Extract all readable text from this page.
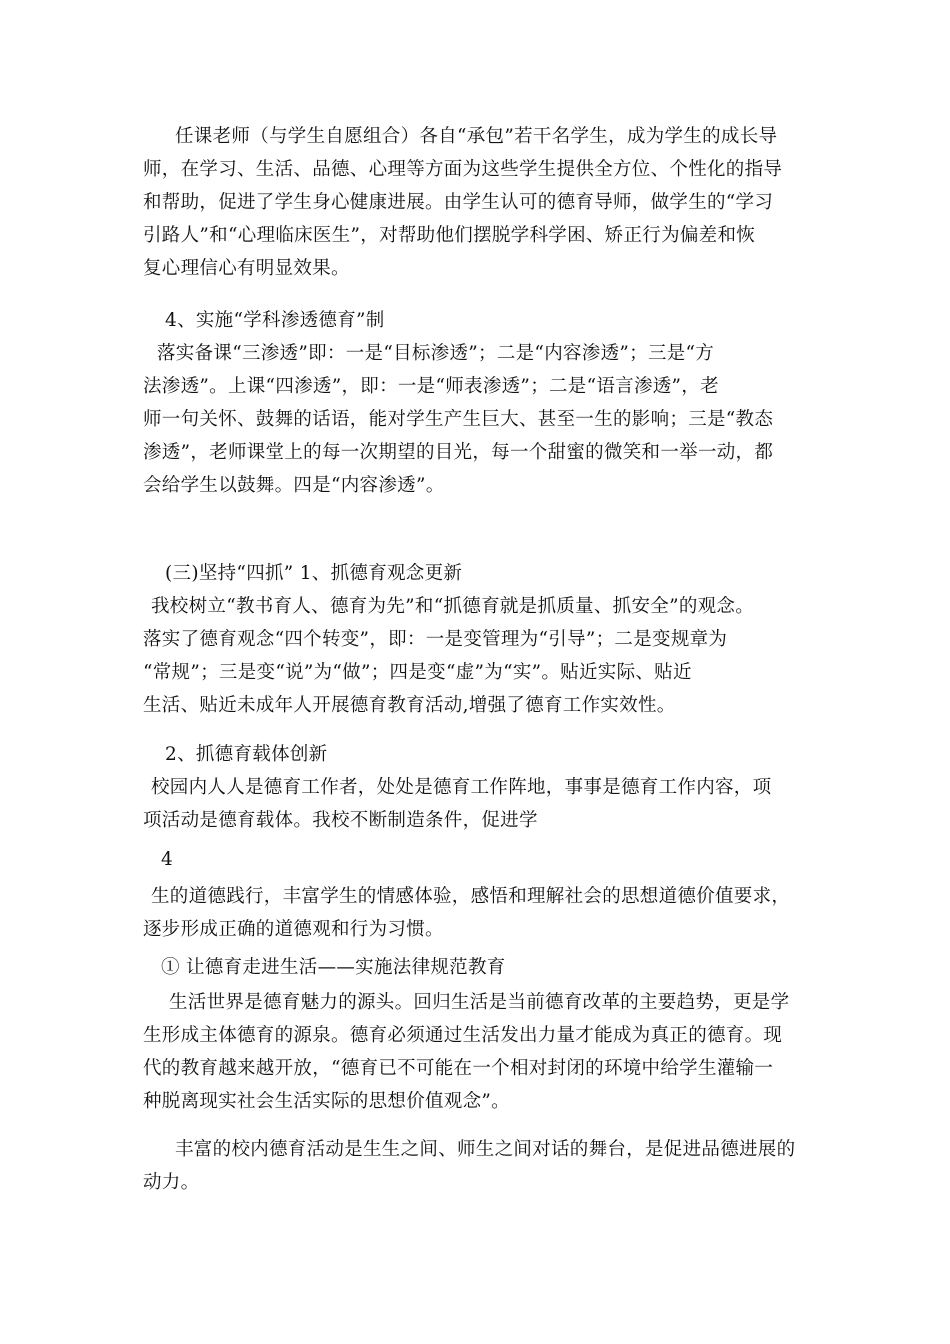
任课老师（与学生自愿组合）各自“承包”若干名学生，成为学生的成长导
师，在学习、生活、品德、心理等方面为这些学生提供全方位、个性化的指导
和帮助，促进了学生身心健康进展。由学生认可的德育导师，做学生的“学习
引路人”和“心理临床医生”，对帮助他们摆脱学科学困、矫正行为偏差和恢
复心理信心有明显效果。
4、实施“学科渗透德育”制
落实备课“三渗透”即：一是“目标渗透”；二是“内容渗透”；三是“方
法渗透”。上课“四渗透”，即：一是“师表渗透”；二是“语言渗透”，老
师一句关怀、鼓舞的话语，能对学生产生巨大、甚至一生的影响；三是“教态
渗透”，老师课堂上的每一次期望的目光，每一个甜蜜的微笑和一举一动，都
会给学生以鼓舞。四是“内容渗透”。
(三)坚持“四抓” 1、抓德育观念更新
我校树立“教书育人、德育为先”和“抓德育就是抓质量、抓安全”的观念。
落实了德育观念“四个转变”，即：一是变管理为“引导”；二是变规章为
“常规”；三是变“说”为“做”；四是变“虚”为“实”。贴近实际、贴近
生活、贴近未成年人开展德育教育活动,增强了德育工作实效性。
2、抓德育载体创新
校园内人人是德育工作者，处处是德育工作阵地，事事是德育工作内容，项
项活动是德育载体。我校不断制造条件，促进学
4
生的道德践行，丰富学生的情感体验，感悟和理解社会的思想道德价值要求，
逐步形成正确的道德观和行为习惯。
① 让德育走进生活——实施法律规范教育
生活世界是德育魅力的源头。回归生活是当前德育改革的主要趋势，更是学
生形成主体德育的源泉。德育必须通过生活发出力量才能成为真正的德育。现
代的教育越来越开放，“德育已不可能在一个相对封闭的环境中给学生灌输一
种脱离现实社会生活实际的思想价值观念”。
丰富的校内德育活动是生生之间、师生之间对话的舞台，是促进品德进展的
动力。
